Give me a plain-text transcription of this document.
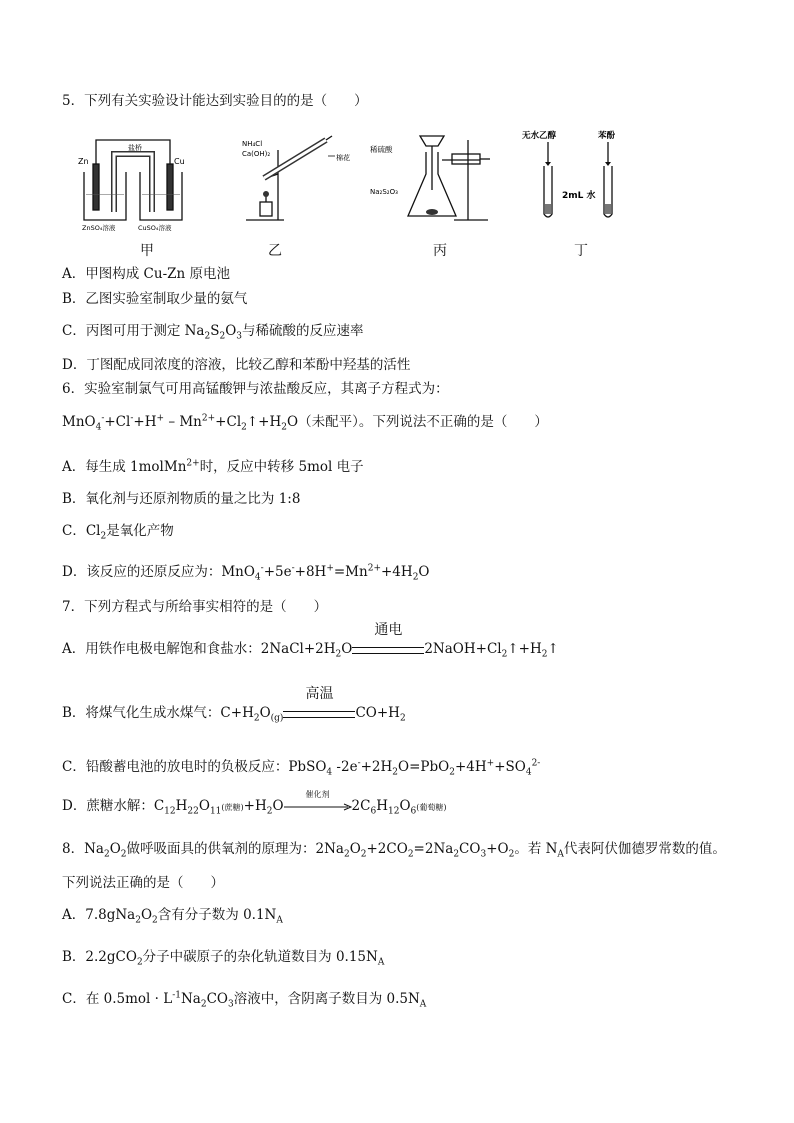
5．下列有关实验设计能达到实验目的的是（　　）
盐桥
Zn	Cu
ZnSO₄溶液	CuSO₄溶液
甲
NH₄Cl
Ca(OH)₂	棉花
乙
稀硫酸
Na₂S₂O₃
丙
无水乙醇	苯酚
2mL 水
丁
A．甲图构成 Cu-Zn 原电池
B．乙图实验室制取少量的氨气
C．丙图可用于测定 $Na_2S_2O_3$与稀硫酸的反应速率
D．丁图配成同浓度的溶液，比较乙醇和苯酚中羟基的活性
6．实验室制氯气可用高锰酸钾与浓盐酸反应，其离子方程式为：
$MnO_4^-+Cl^-+H^+ - Mn^{2+}+Cl_2↑+H_2O$（未配平）。下列说法不正确的是（　　）
A．每生成 1molMn$^{2+}$时，反应中转移 5mol 电子
B．氧化剂与还原剂物质的量之比为 1:8
C．$Cl_2$是氧化产物
D．该反应的还原反应为：$MnO_4^-+5e^-+8H^+=Mn^{2+}+4H_2O$
7．下列方程式与所给事实相符的是（　　）
A．用铁作电极电解饱和食盐水：$2NaCl+2H_2O$
通电
$2NaOH+Cl_2↑+H_2↑$
B．将煤气化生成水煤气：$C+H_2O_{(g)}$
高温
$CO+H_2$
C．铅酸蓄电池的放电时的负极反应：PbSO$_4$ $-2e^-+2H_2O=PbO_2+4H^++SO_4^{2-}$
D．蔗糖水解：$C_{12}H_{22}O_{11}$(蔗糖)$+H_2O$
催化剂
$2C_6H_{12}O_6$(葡萄糖)
8．$Na_2O_2$做呼吸面具的供氧剂的原理为：$2Na_2O_2+2CO_2=2Na_2CO_3+O_2$。若 $N_A$代表阿伏伽德罗常数的值。
下列说法正确的是（　　）
A．$7.8gNa_2O_2$含有分子数为 $0.1N_A$
B．2.2gCO$_2$分子中碳原子的杂化轨道数目为 $0.15N_A$
C．在 $0.5mol \cdot L^{-1}Na_2CO_3$溶液中，含阴离子数目为 $0.5N_A$
